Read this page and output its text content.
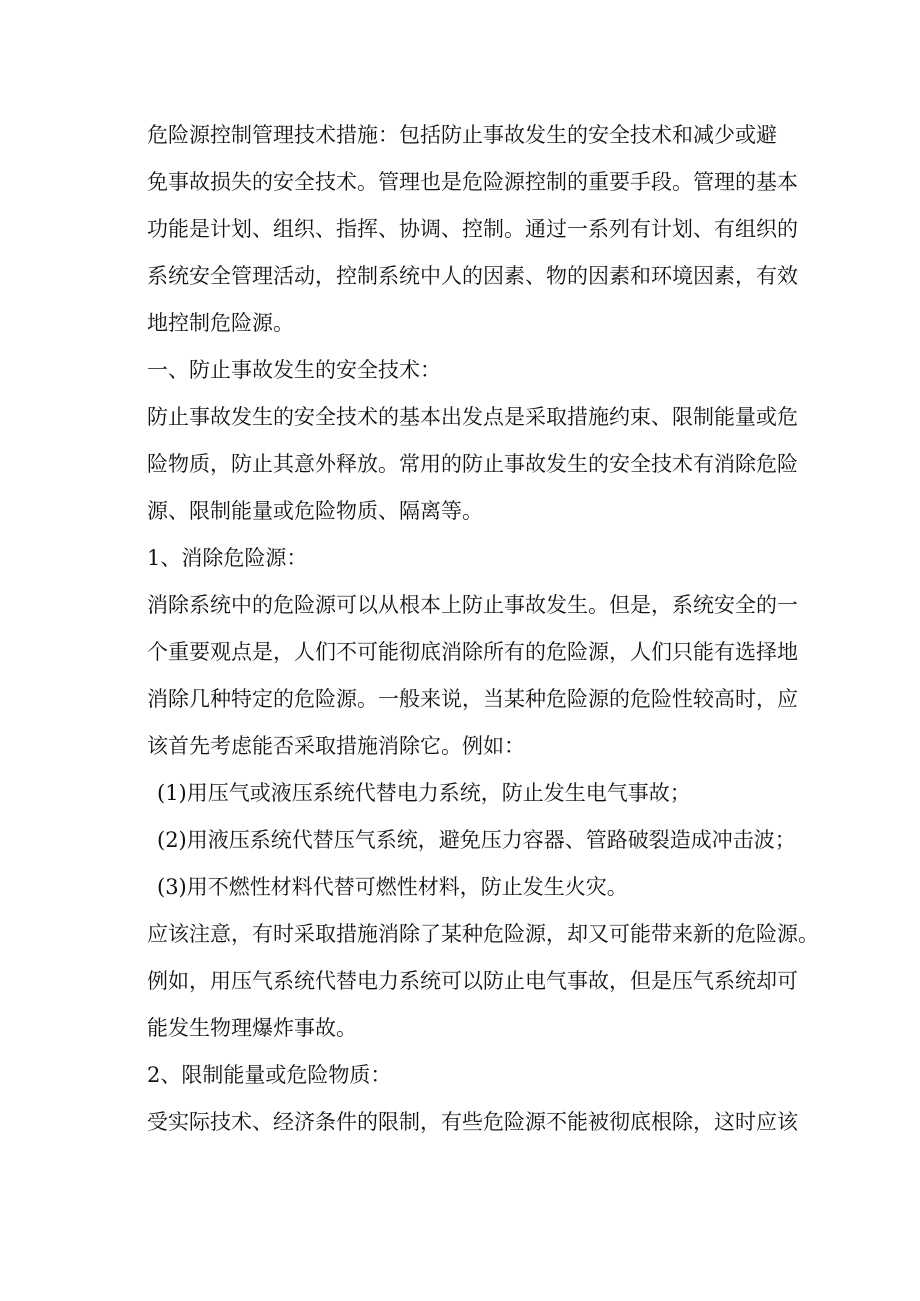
危险源控制管理技术措施：包括防止事故发生的安全技术和减少或避
免事故损失的安全技术。管理也是危险源控制的重要手段。管理的基本
功能是计划、组织、指挥、协调、控制。通过一系列有计划、有组织的
系统安全管理活动，控制系统中人的因素、物的因素和环境因素，有效
地控制危险源。
一、防止事故发生的安全技术：
防止事故发生的安全技术的基本出发点是采取措施约束、限制能量或危
险物质，防止其意外释放。常用的防止事故发生的安全技术有消除危险
源、限制能量或危险物质、隔离等。
1、消除危险源：
消除系统中的危险源可以从根本上防止事故发生。但是，系统安全的一
个重要观点是，人们不可能彻底消除所有的危险源，人们只能有选择地
消除几种特定的危险源。一般来说，当某种危险源的危险性较高时，应
该首先考虑能否采取措施消除它。例如：
(1)用压气或液压系统代替电力系统，防止发生电气事故；
(2)用液压系统代替压气系统，避免压力容器、管路破裂造成冲击波；
(3)用不燃性材料代替可燃性材料，防止发生火灾。
应该注意，有时采取措施消除了某种危险源，却又可能带来新的危险源。
例如，用压气系统代替电力系统可以防止电气事故，但是压气系统却可
能发生物理爆炸事故。
2、限制能量或危险物质：
受实际技术、经济条件的限制，有些危险源不能被彻底根除，这时应该
